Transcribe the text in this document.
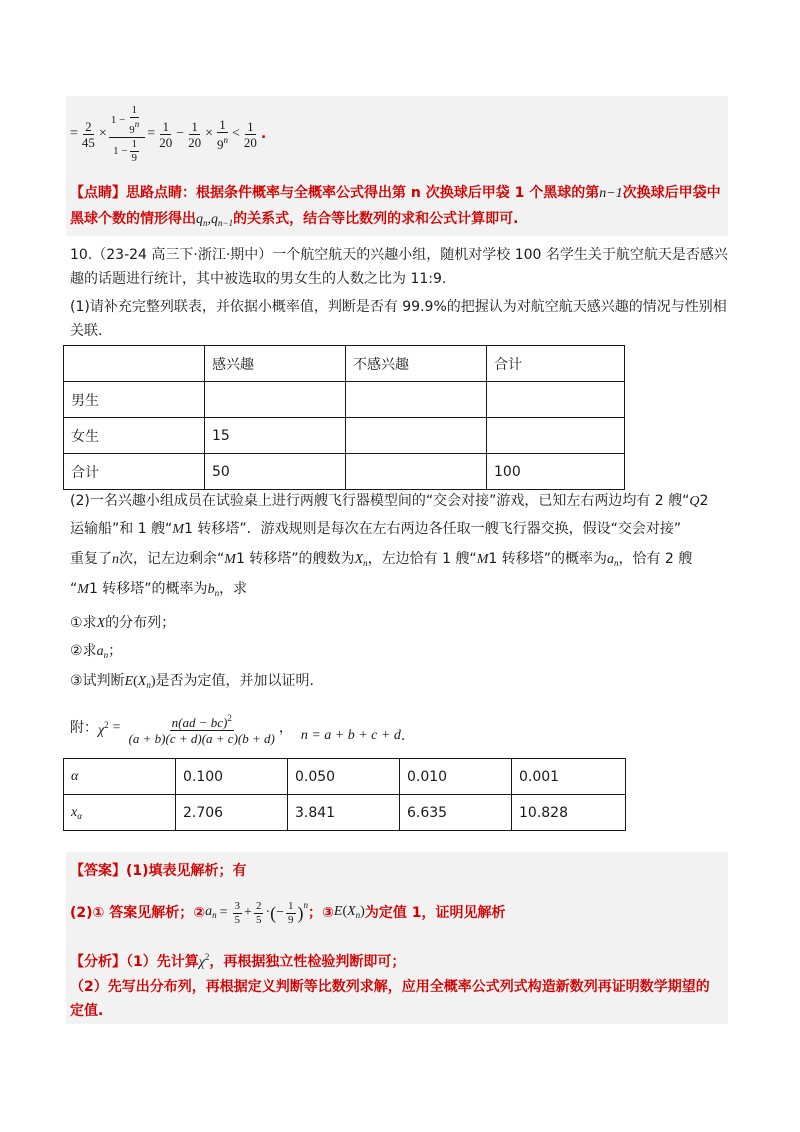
= $\frac{2}{45} \times \frac{1 - \frac{1}{9^n}}{1 - \frac{1}{9}} = \frac{1}{20} - \frac{1}{20} \times \frac{1}{9^n} < \frac{1}{20}$ .
【点睛】思路点睛：根据条件概率与全概率公式得出第 n 次换球后甲袋 1 个黑球的第n−1次换球后甲袋中
黑球个数的情形得出$q_n,q_{n-1}$的关系式，结合等比数列的求和公式计算即可.
10.（23-24 高三下·浙江·期中）一个航空航天的兴趣小组，随机对学校 100 名学生关于航空航天是否感兴
趣的话题进行统计，其中被选取的男女生的人数之比为 11:9.
(1)请补充完整列联表，并依据小概率值，判断是否有 99.9%的把握认为对航空航天感兴趣的情况与性别相
关联.
	感兴趣	不感兴趣	合计
男生			
女生	15		
合计	50		100
(2)一名兴趣小组成员在试验桌上进行两艘飞行器模型间的“交会对接”游戏，已知左右两边均有 2 艘“Q2
运输船”和 1 艘“M1 转移塔”．游戏规则是每次在左右两边各任取一艘飞行器交换，假设“交会对接”
重复了n次，记左边剩余“M1 转移塔”的艘数为$X_n$，左边恰有 1 艘“M1 转移塔”的概率为$a_n$，恰有 2 艘
“M1 转移塔”的概率为$b_n$，求
①求X的分布列；
②求$a_n$；
③试判断$E(X_n)$是否为定值，并加以证明.
附： $\chi^2 = \frac{n(ad - bc)^2}{(a + b)(c + d)(a + c)(b + d)}$ ， n = a + b + c + d .
α	0.100	0.050	0.010	0.001
$x_\alpha$	2.706	3.841	6.635	10.828
【答案】(1)填表见解析；有
(2)① 答案见解析；② $a_n = \frac{3}{5} + \frac{2}{5}$ · ( − $\frac{1}{9}$ ) n ；③ $E(X_n)$ 为定值 1，证明见解析
【分析】（1）先计算$\chi^2$，再根据独立性检验判断即可；
（2）先写出分布列，再根据定义判断等比数列求解，应用全概率公式列式构造新数列再证明数学期望的
定值.
